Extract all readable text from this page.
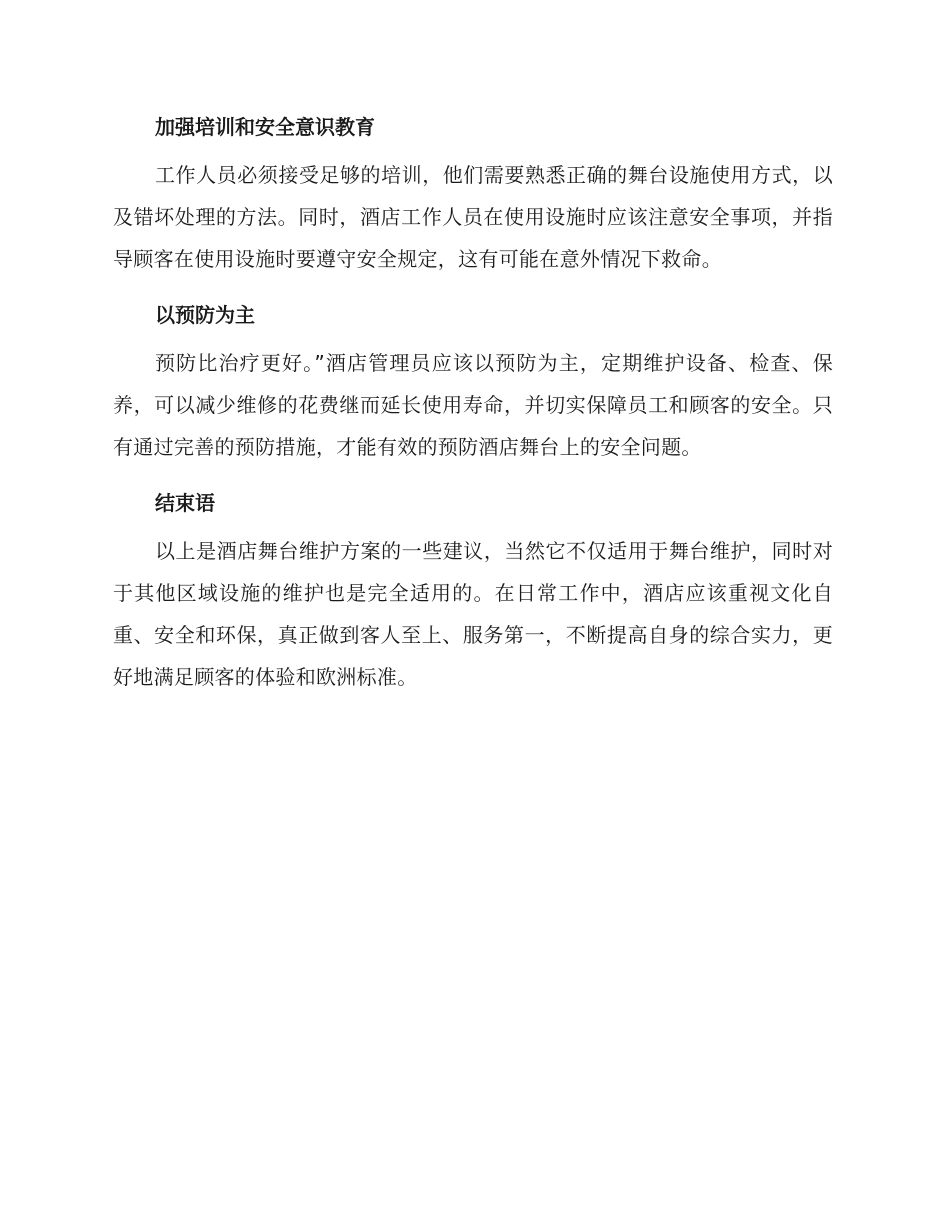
加强培训和安全意识教育

工作人员必须接受足够的培训，他们需要熟悉正确的舞台设施使用方式，以及错坏处理的方法。同时，酒店工作人员在使用设施时应该注意安全事项，并指导顾客在使用设施时要遵守安全规定，这有可能在意外情况下救命。

以预防为主

预防比治疗更好。”酒店管理员应该以预防为主，定期维护设备、检查、保养，可以减少维修的花费继而延长使用寿命，并切实保障员工和顾客的安全。只有通过完善的预防措施，才能有效的预防酒店舞台上的安全问题。

结束语

以上是酒店舞台维护方案的一些建议，当然它不仅适用于舞台维护，同时对于其他区域设施的维护也是完全适用的。在日常工作中，酒店应该重视文化自重、安全和环保，真正做到客人至上、服务第一，不断提高自身的综合实力，更好地满足顾客的体验和欧洲标准。
